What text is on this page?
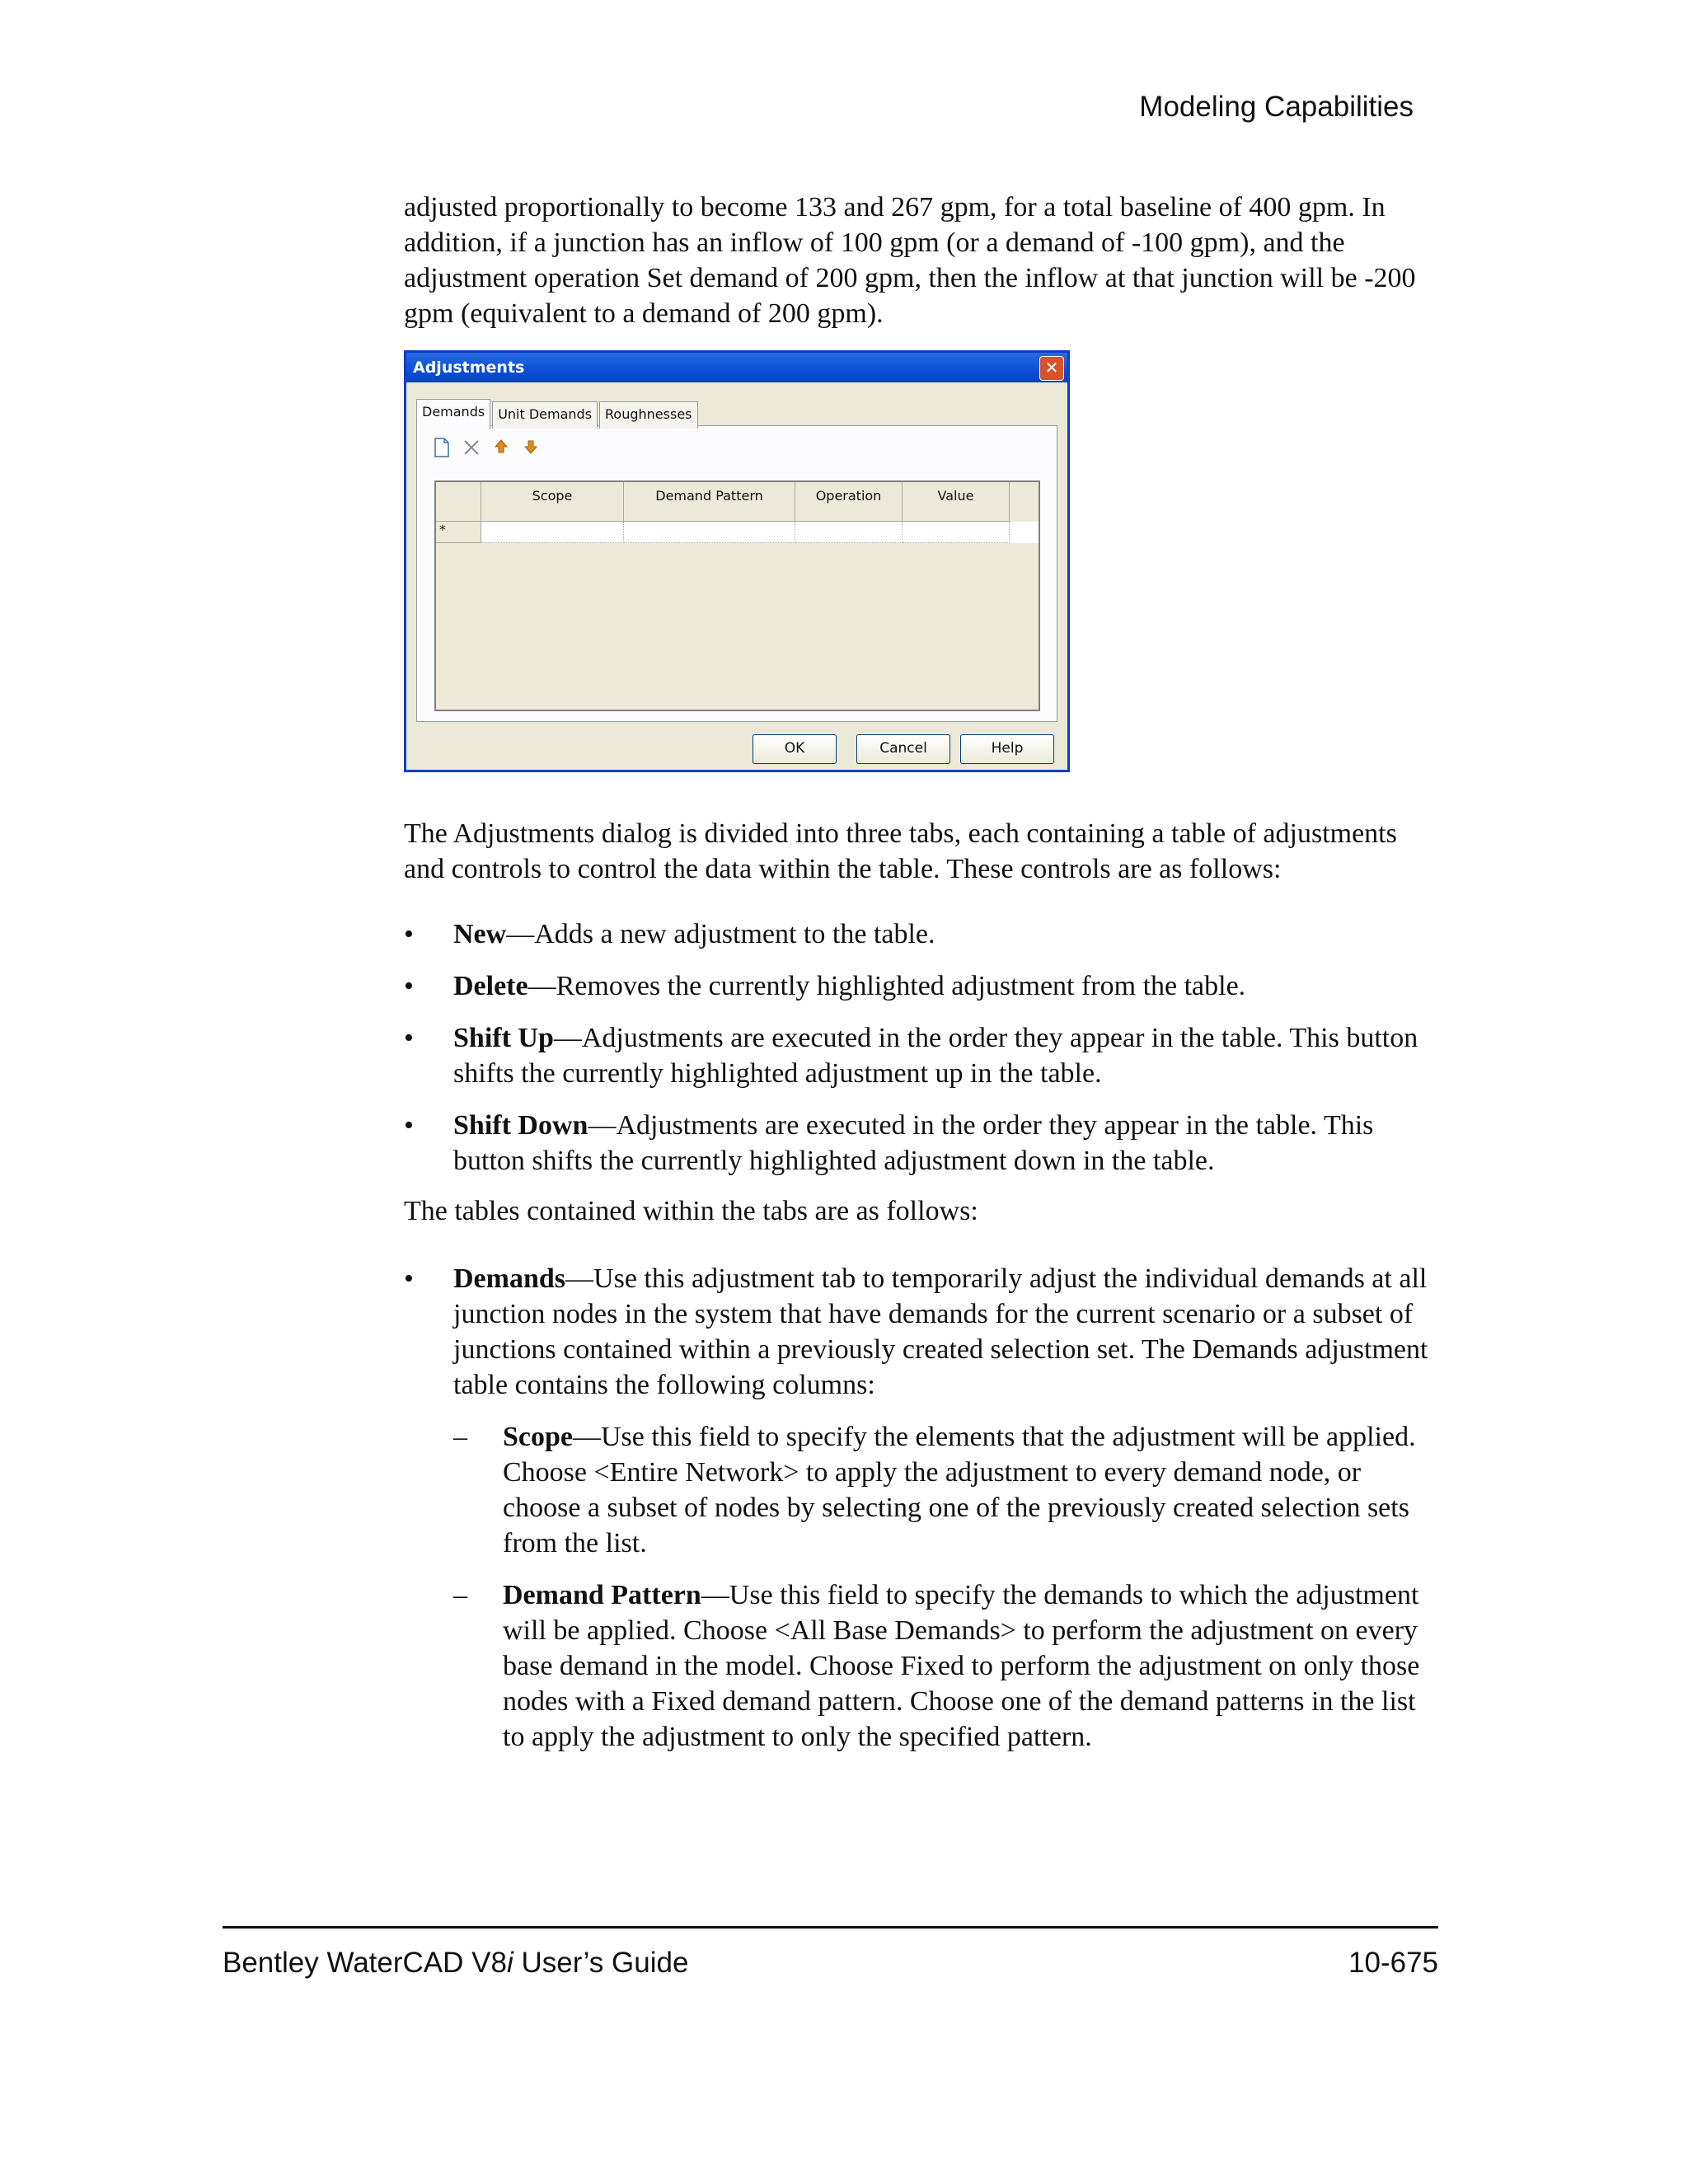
Modeling Capabilities
adjusted proportionally to become 133 and 267 gpm, for a total baseline of 400 gpm. In addition, if a junction has an inflow of 100 gpm (or a demand of -100 gpm), and the adjustment operation Set demand of 200 gpm, then the inflow at that junction will be -200 gpm (equivalent to a demand of 200 gpm).
Adjustments	✕
Demands	Unit Demands	Roughnesses
Scope	Demand Pattern	Operation	Value
*
OK	Cancel	Help
The Adjustments dialog is divided into three tabs, each containing a table of adjustments and controls to control the data within the table. These controls are as follows:
• New—Adds a new adjustment to the table.
• Delete—Removes the currently highlighted adjustment from the table.
• Shift Up—Adjustments are executed in the order they appear in the table. This button shifts the currently highlighted adjustment up in the table.
• Shift Down—Adjustments are executed in the order they appear in the table. This button shifts the currently highlighted adjustment down in the table.
The tables contained within the tabs are as follows:
• Demands—Use this adjustment tab to temporarily adjust the individual demands at all junction nodes in the system that have demands for the current scenario or a subset of junctions contained within a previously created selection set. The Demands adjustment table contains the following columns:
– Scope—Use this field to specify the elements that the adjustment will be applied. Choose <Entire Network> to apply the adjustment to every demand node, or choose a subset of nodes by selecting one of the previously created selection sets from the list.
– Demand Pattern—Use this field to specify the demands to which the adjustment will be applied. Choose <All Base Demands> to perform the adjustment on every base demand in the model. Choose Fixed to perform the adjustment on only those nodes with a Fixed demand pattern. Choose one of the demand patterns in the list to apply the adjustment to only the specified pattern.
Bentley WaterCAD V8i User’s Guide	10-675
